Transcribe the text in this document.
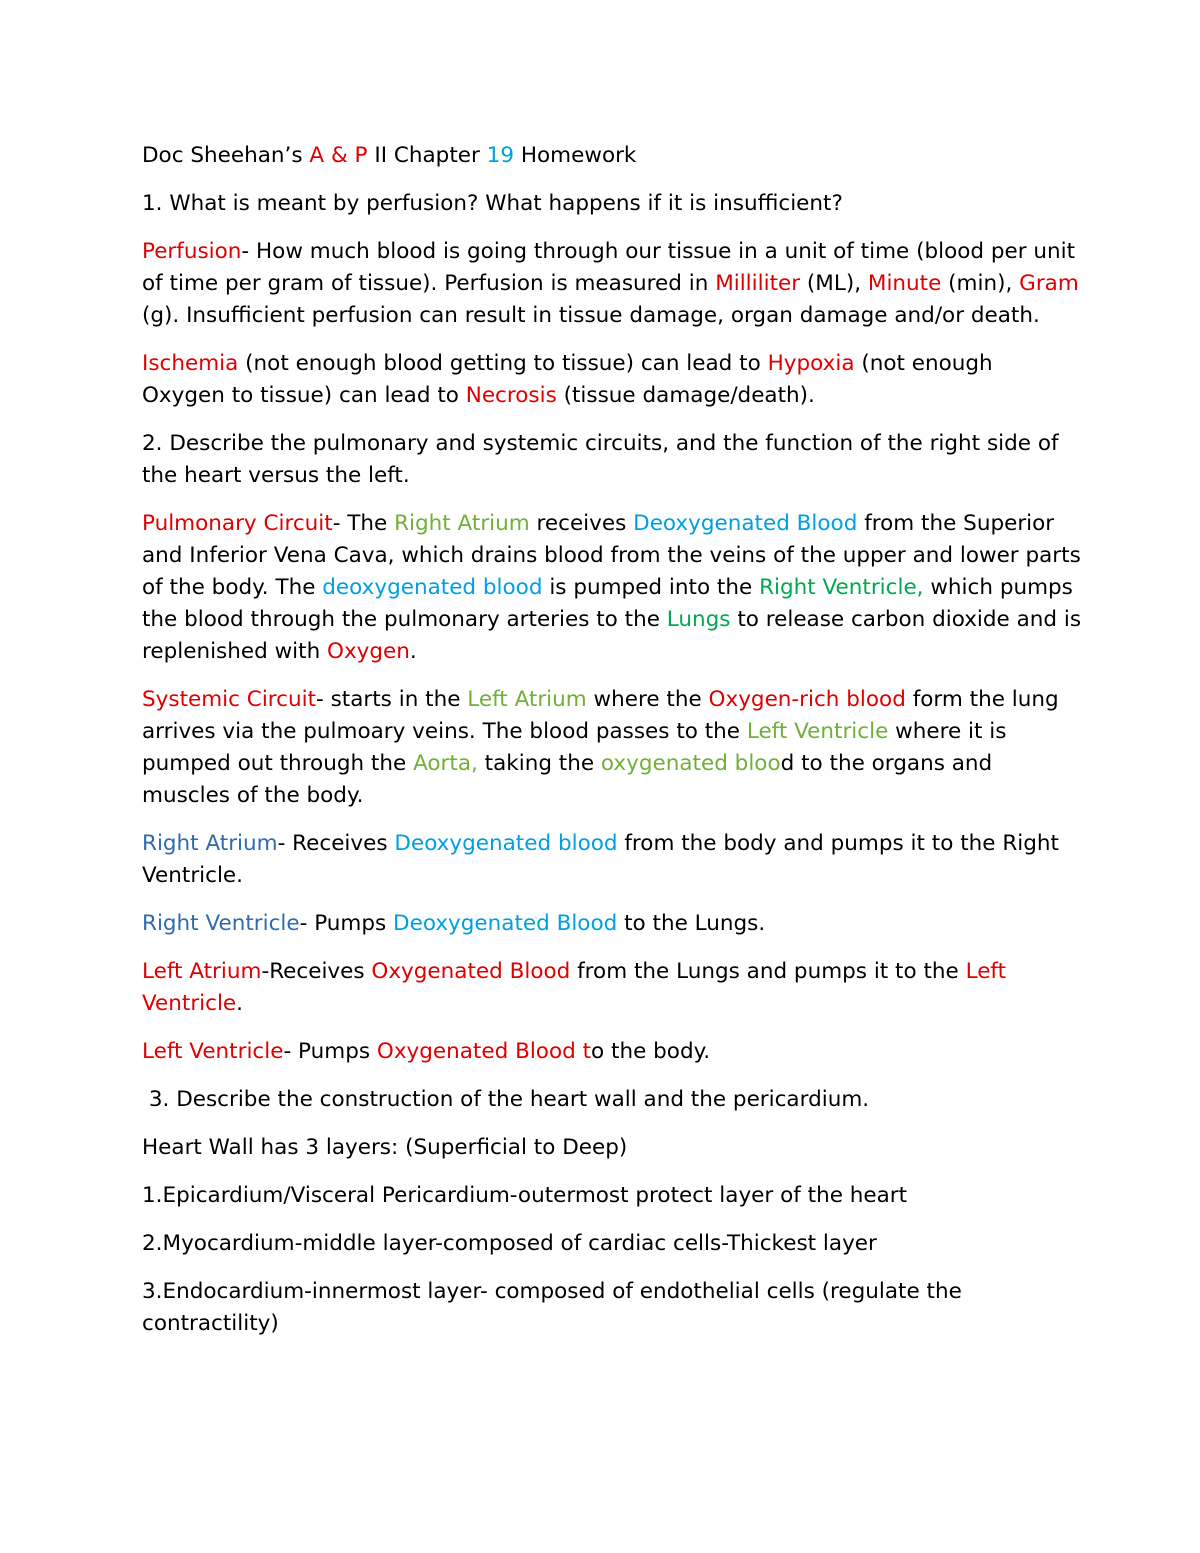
Doc Sheehan’s A & P II Chapter 19 Homework

1. What is meant by perfusion? What happens if it is insufficient?

Perfusion- How much blood is going through our tissue in a unit of time (blood per unit of time per gram of tissue). Perfusion is measured in Milliliter (ML), Minute (min), Gram (g). Insufficient perfusion can result in tissue damage, organ damage and/or death.

Ischemia (not enough blood getting to tissue) can lead to Hypoxia (not enough Oxygen to tissue) can lead to Necrosis (tissue damage/death).

2. Describe the pulmonary and systemic circuits, and the function of the right side of the heart versus the left.

Pulmonary Circuit- The Right Atrium receives Deoxygenated Blood from the Superior and Inferior Vena Cava, which drains blood from the veins of the upper and lower parts of the body. The deoxygenated blood is pumped into the Right Ventricle, which pumps the blood through the pulmonary arteries to the Lungs to release carbon dioxide and is replenished with Oxygen.

Systemic Circuit- starts in the Left Atrium where the Oxygen-rich blood form the lung arrives via the pulmoary veins. The blood passes to the Left Ventricle where it is pumped out through the Aorta, taking the oxygenated blood to the organs and muscles of the body.

Right Atrium- Receives Deoxygenated blood from the body and pumps it to the Right Ventricle.

Right Ventricle- Pumps Deoxygenated Blood to the Lungs.

Left Atrium-Receives Oxygenated Blood from the Lungs and pumps it to the Left Ventricle.

Left Ventricle- Pumps Oxygenated Blood to the body.

3. Describe the construction of the heart wall and the pericardium.

Heart Wall has 3 layers: (Superficial to Deep)

1.Epicardium/Visceral Pericardium-outermost protect layer of the heart

2.Myocardium-middle layer-composed of cardiac cells-Thickest layer

3.Endocardium-innermost layer- composed of endothelial cells (regulate the contractility)
